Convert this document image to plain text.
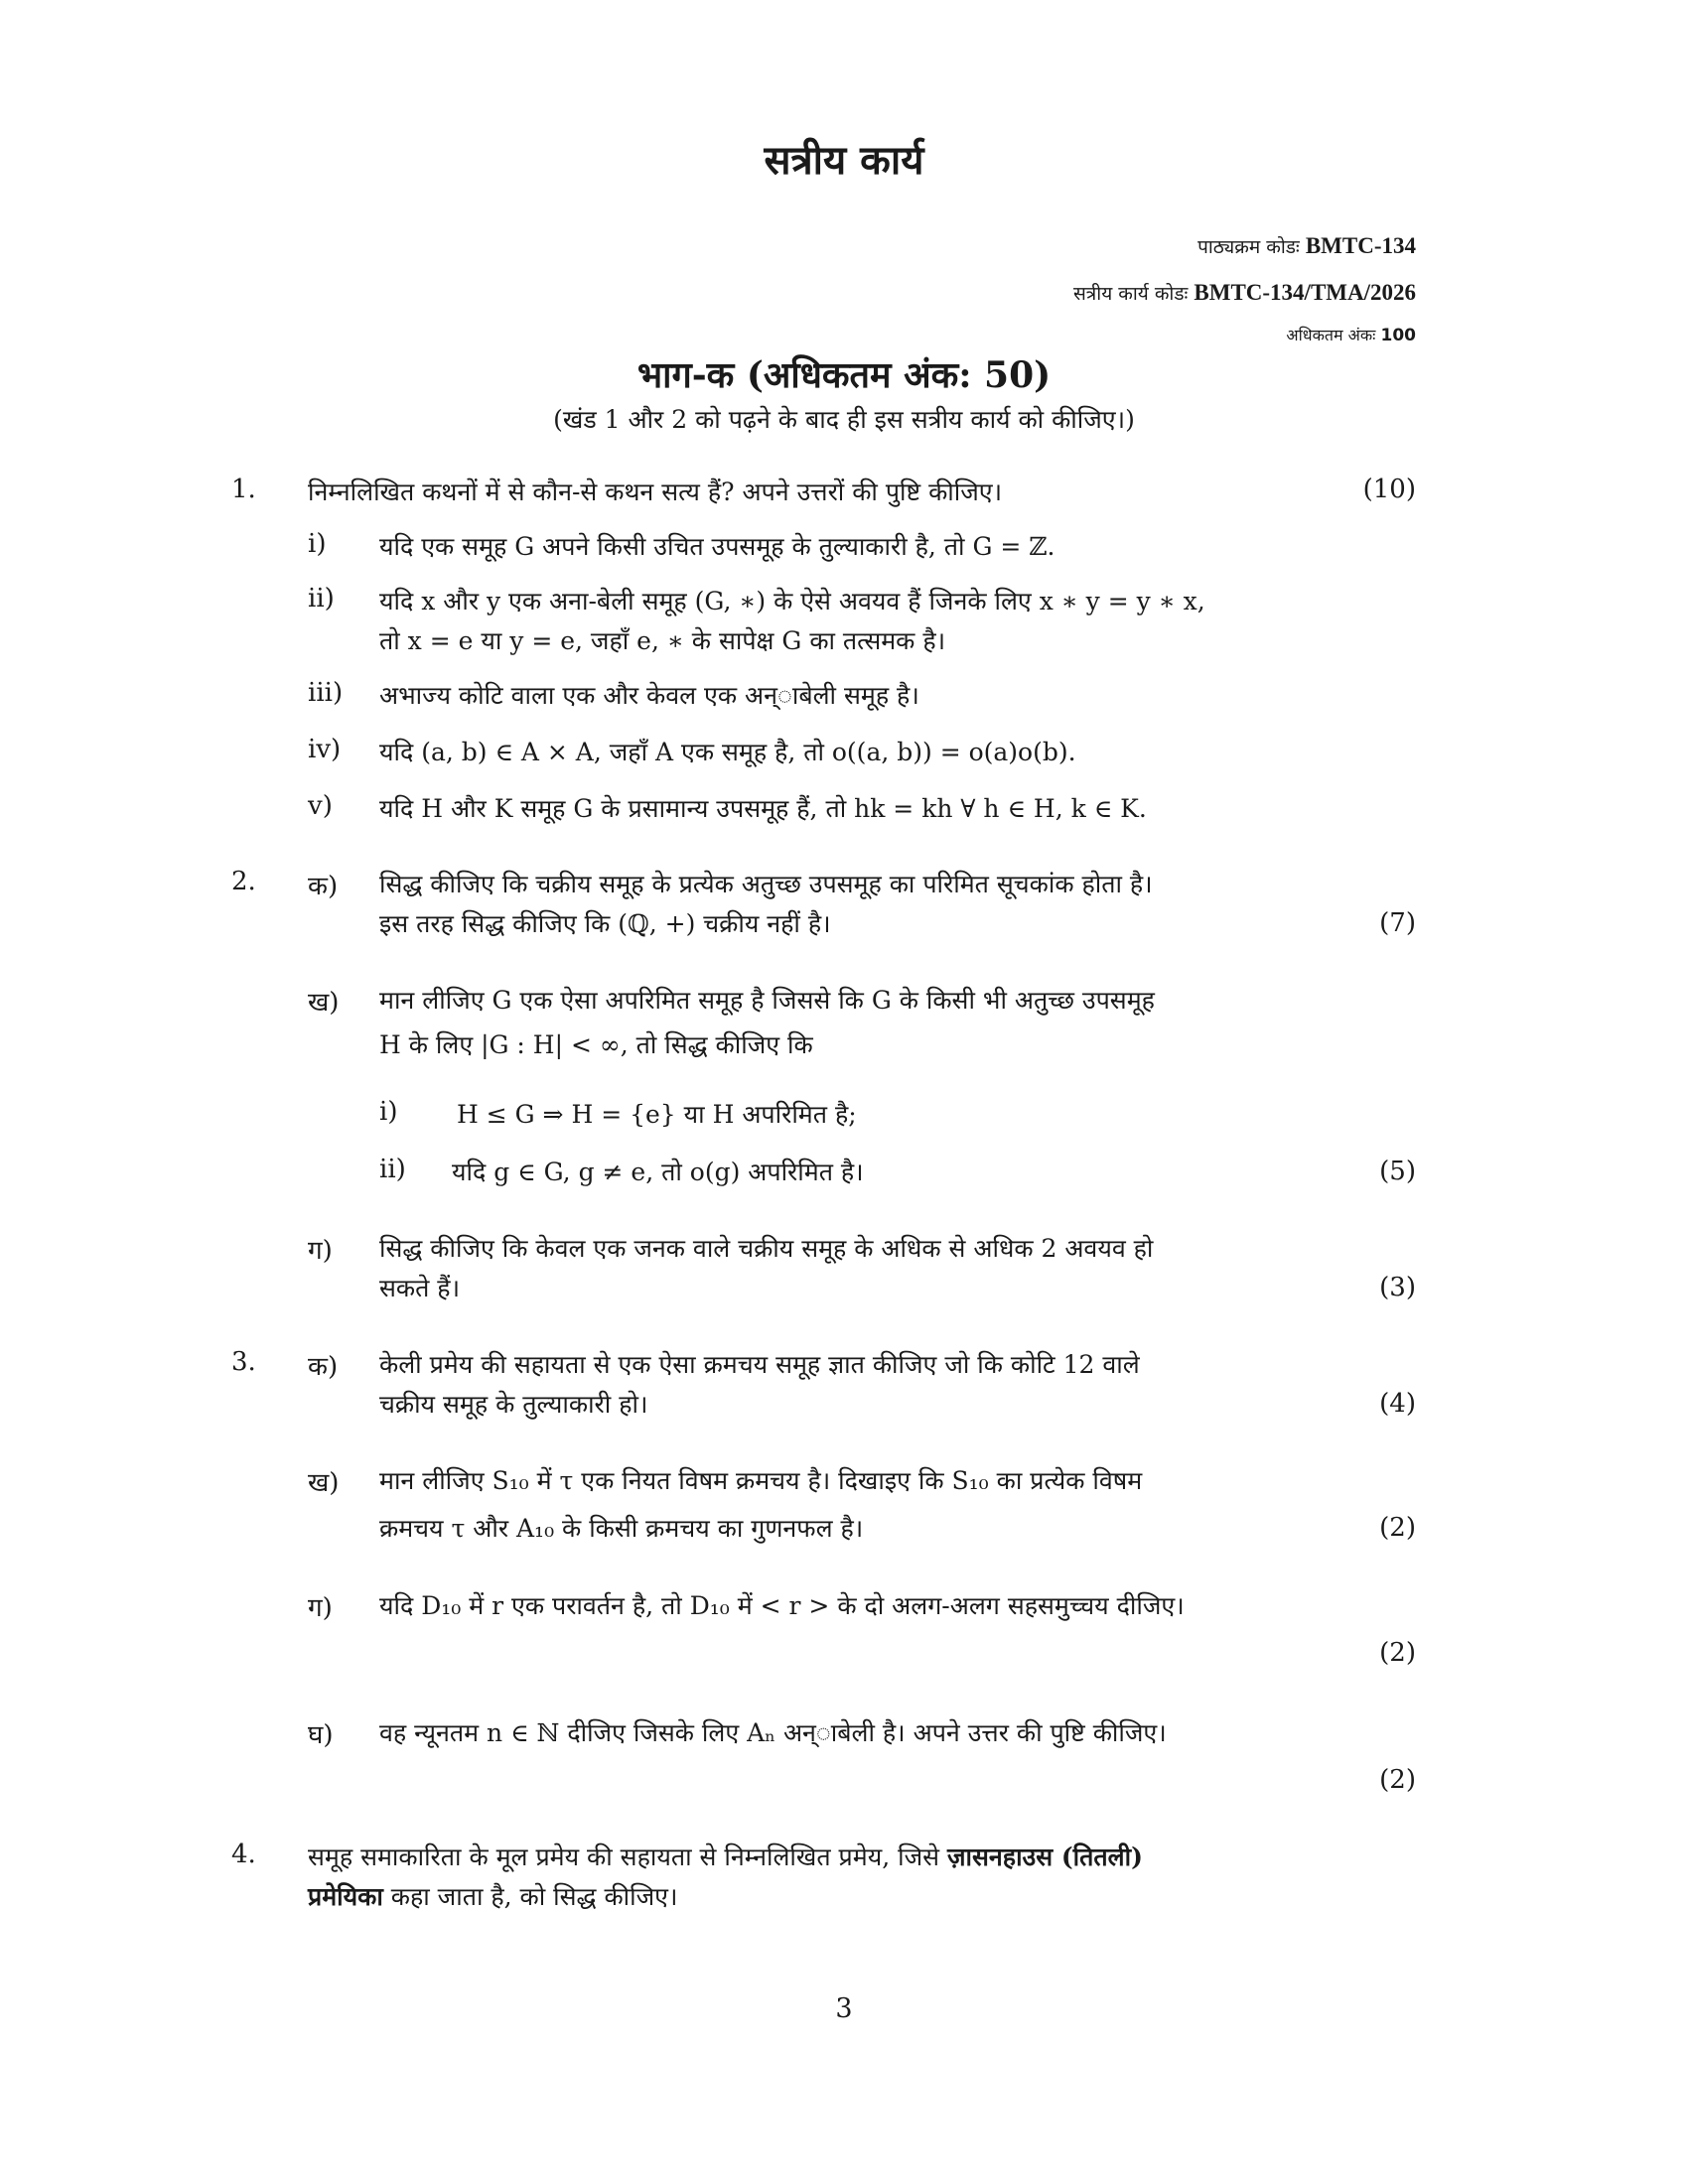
सत्रीय कार्य
पाठ्यक्रम कोडः BMTC-134
सत्रीय कार्य कोडः BMTC-134/TMA/2026
अधिकतम अंकः 100
भाग-क (अधिकतम अंक: 50)
(खंड 1 और 2 को पढ़ने के बाद ही इस सत्रीय कार्य को कीजिए।)
1. निम्नलिखित कथनों में से कौन-से कथन सत्य हैं? अपने उत्तरों की पुष्टि कीजिए।	(10)
i) यदि एक समूह G अपने किसी उचित उपसमूह के तुल्याकारी है, तो G = ℤ.
ii) यदि x और y एक अना-बेली समूह (G, ∗) के ऐसे अवयव हैं जिनके लिए x ∗ y = y ∗ x,
तो x = e या y = e, जहाँ e, ∗ के सापेक्ष G का तत्समक है।
iii) अभाज्य कोटि वाला एक और केवल एक अन्‌ाबेली समूह है।
iv) यदि (a, b) ∈ A × A, जहाँ A एक समूह है, तो o((a, b)) = o(a)o(b).
v) यदि H और K समूह G के प्रसामान्य उपसमूह हैं, तो hk = kh ∀ h ∈ H, k ∈ K.
2. क) सिद्ध कीजिए कि चक्रीय समूह के प्रत्येक अतुच्छ उपसमूह का परिमित सूचकांक होता है।
इस तरह सिद्ध कीजिए कि (ℚ, +) चक्रीय नहीं है।	(7)
ख) मान लीजिए G एक ऐसा अपरिमित समूह है जिससे कि G के किसी भी अतुच्छ उपसमूह
H के लिए |G : H| < ∞, तो सिद्ध कीजिए कि
i) H ≤ G ⇒ H = {e} या H अपरिमित है;
ii) यदि g ∈ G, g ≠ e, तो o(g) अपरिमित है।	(5)
ग) सिद्ध कीजिए कि केवल एक जनक वाले चक्रीय समूह के अधिक से अधिक 2 अवयव हो
सकते हैं।	(3)
3. क) केली प्रमेय की सहायता से एक ऐसा क्रमचय समूह ज्ञात कीजिए जो कि कोटि 12 वाले
चक्रीय समूह के तुल्याकारी हो।	(4)
ख) मान लीजिए S₁₀ में τ एक नियत विषम क्रमचय है। दिखाइए कि S₁₀ का प्रत्येक विषम
क्रमचय τ और A₁₀ के किसी क्रमचय का गुणनफल है।	(2)
ग) यदि D₁₀ में r एक परावर्तन है, तो D₁₀ में < r > के दो अलग-अलग सहसमुच्चय दीजिए।
(2)
घ) वह न्यूनतम n ∈ ℕ दीजिए जिसके लिए Aₙ अन्‌ाबेली है। अपने उत्तर की पुष्टि कीजिए।
(2)
4. समूह समाकारिता के मूल प्रमेय की सहायता से निम्नलिखित प्रमेय, जिसे ज़ासनहाउस (तितली)
प्रमेयिका कहा जाता है, को सिद्ध कीजिए।
3
